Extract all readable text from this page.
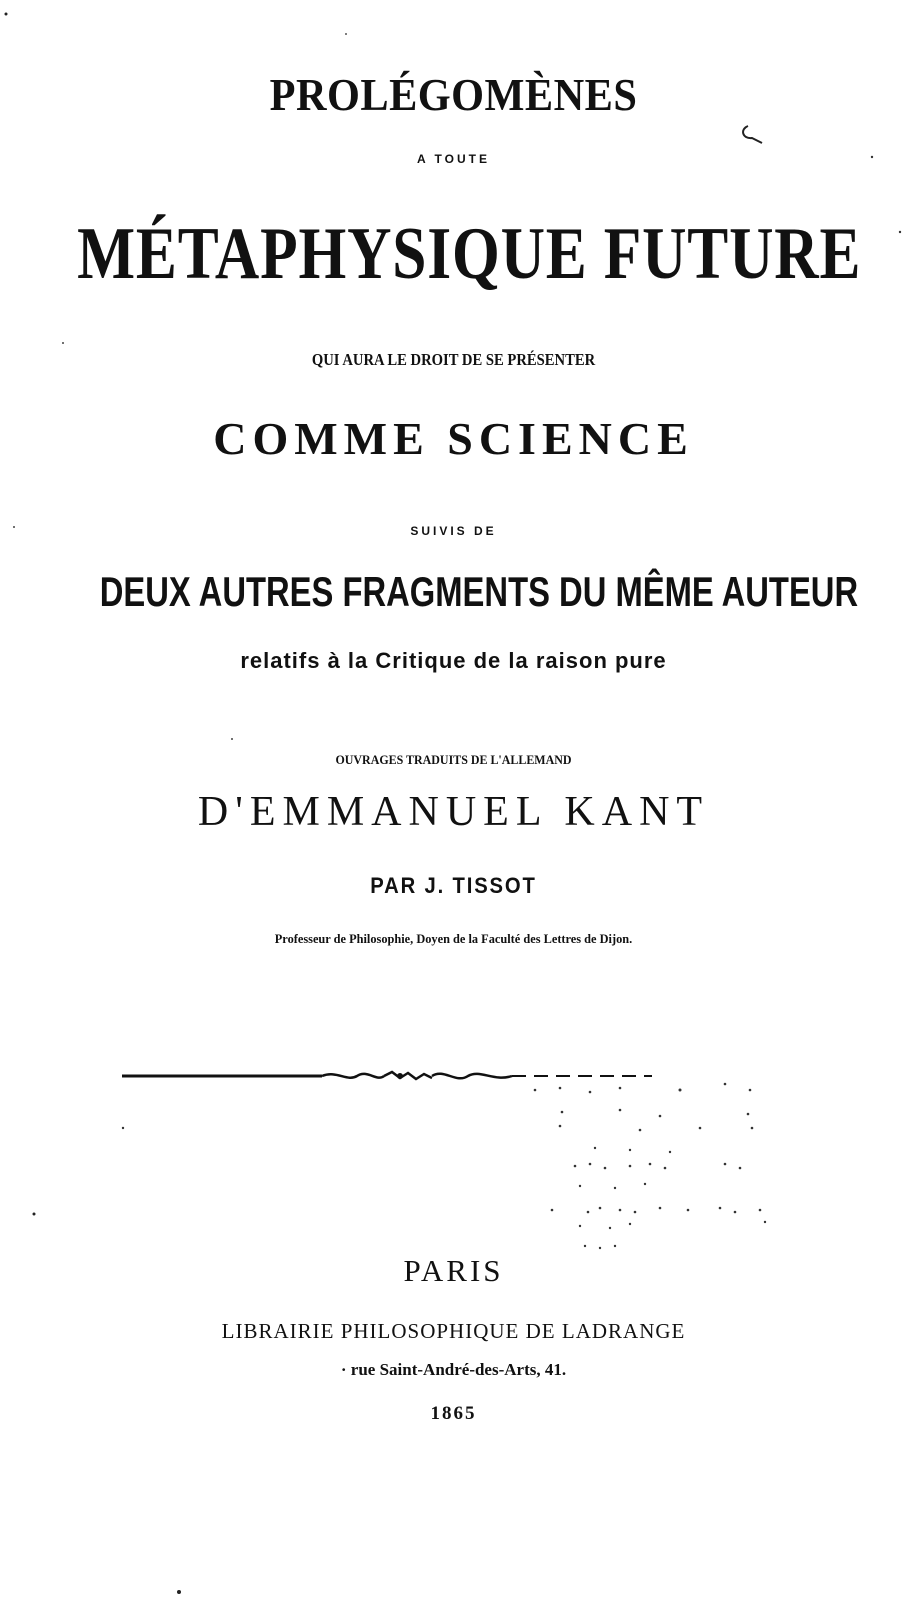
PROLÉGOMÈNES
A TOUTE
MÉTAPHYSIQUE FUTURE
QUI AURA LE DROIT DE SE PRÉSENTER
COMME SCIENCE
SUIVIS DE
DEUX AUTRES FRAGMENTS DU MÊME AUTEUR
relatifs à la Critique de la raison pure
OUVRAGES TRADUITS DE L'ALLEMAND
D'EMMANUEL KANT
PAR J. TISSOT
Professeur de Philosophie, Doyen de la Faculté des Lettres de Dijon.
PARIS
LIBRAIRIE PHILOSOPHIQUE DE LADRANGE
· rue Saint-André-des-Arts, 41.
1865
